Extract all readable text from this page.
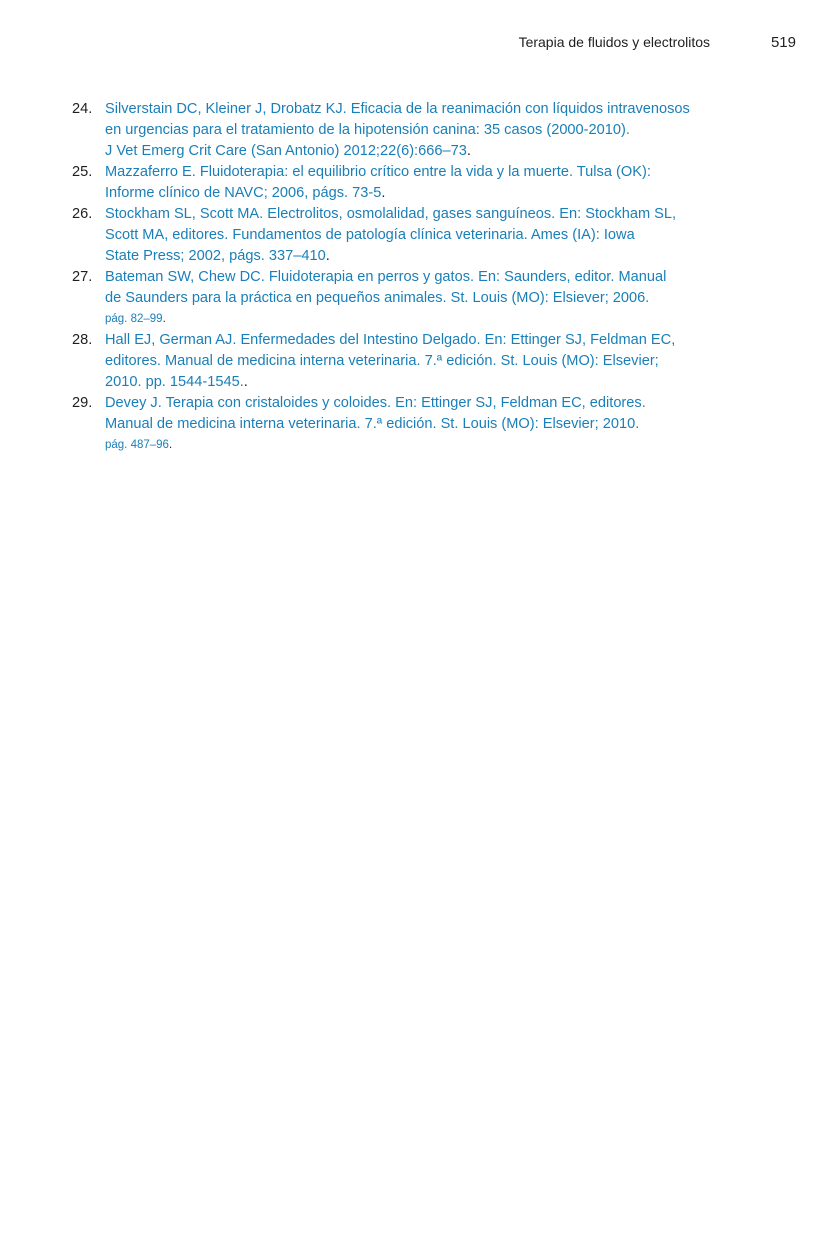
Terapia de fluidos y electrolitos	519
24. Silverstain DC, Kleiner J, Drobatz KJ. Eficacia de la reanimación con líquidos intravenosos
en urgencias para el tratamiento de la hipotensión canina: 35 casos (2000-2010).
J Vet Emerg Crit Care (San Antonio) 2012;22(6):666–73.
25. Mazzaferro E. Fluidoterapia: el equilibrio crítico entre la vida y la muerte. Tulsa (OK):
Informe clínico de NAVC; 2006, págs. 73-5.
26. Stockham SL, Scott MA. Electrolitos, osmolalidad, gases sanguíneos. En: Stockham SL,
Scott MA, editores. Fundamentos de patología clínica veterinaria. Ames (IA): Iowa
State Press; 2002, págs. 337–410.
27. Bateman SW, Chew DC. Fluidoterapia en perros y gatos. En: Saunders, editor. Manual
de Saunders para la práctica en pequeños animales. St. Louis (MO): Elsiever; 2006.
pág. 82–99.
28. Hall EJ, German AJ. Enfermedades del Intestino Delgado. En: Ettinger SJ, Feldman EC,
editores. Manual de medicina interna veterinaria. 7.ª edición. St. Louis (MO): Elsevier;
2010. pp. 1544-1545..
29. Devey J. Terapia con cristaloides y coloides. En: Ettinger SJ, Feldman EC, editores.
Manual de medicina interna veterinaria. 7.ª edición. St. Louis (MO): Elsevier; 2010.
pág. 487–96.
